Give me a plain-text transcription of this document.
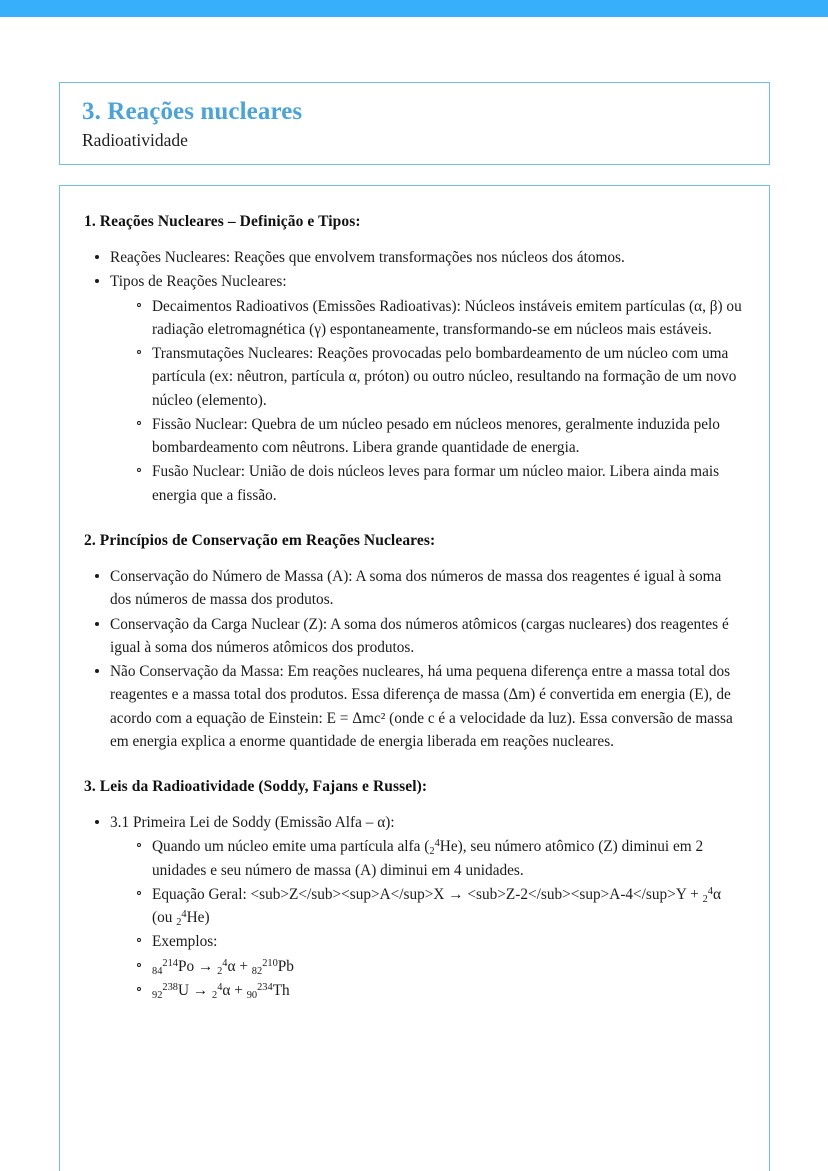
3. Reações nucleares
Radioatividade
1. Reações Nucleares – Definição e Tipos:
Reações Nucleares: Reações que envolvem transformações nos núcleos dos átomos.
Tipos de Reações Nucleares:
Decaimentos Radioativos (Emissões Radioativas): Núcleos instáveis emitem partículas (α, β) ou radiação eletromagnética (γ) espontaneamente, transformando-se em núcleos mais estáveis.
Transmutações Nucleares: Reações provocadas pelo bombardeamento de um núcleo com uma partícula (ex: nêutron, partícula α, próton) ou outro núcleo, resultando na formação de um novo núcleo (elemento).
Fissão Nuclear: Quebra de um núcleo pesado em núcleos menores, geralmente induzida pelo bombardeamento com nêutrons. Libera grande quantidade de energia.
Fusão Nuclear: União de dois núcleos leves para formar um núcleo maior. Libera ainda mais energia que a fissão.
2. Princípios de Conservação em Reações Nucleares:
Conservação do Número de Massa (A): A soma dos números de massa dos reagentes é igual à soma dos números de massa dos produtos.
Conservação da Carga Nuclear (Z): A soma dos números atômicos (cargas nucleares) dos reagentes é igual à soma dos números atômicos dos produtos.
Não Conservação da Massa: Em reações nucleares, há uma pequena diferença entre a massa total dos reagentes e a massa total dos produtos. Essa diferença de massa (Δm) é convertida em energia (E), de acordo com a equação de Einstein: E = Δmc² (onde c é a velocidade da luz). Essa conversão de massa em energia explica a enorme quantidade de energia liberada em reações nucleares.
3. Leis da Radioatividade (Soddy, Fajans e Russel):
3.1 Primeira Lei de Soddy (Emissão Alfa – α):
Quando um núcleo emite uma partícula alfa $(_2^4He)$, seu número atômico (Z) diminui em 2 unidades e seu número de massa (A) diminui em 4 unidades.
Equação Geral: <sub>Z</sub><sup>A</sup>X → <sub>Z-2</sub><sup>A-4</sup>Y + $_2^4$α (ou $_2^4$He)
Exemplos:
$_{84}^{214}$Po → $_2^4$α + $_{82}^{210}$Pb
$_{92}^{238}$U → $_2^4$α + $_{90}^{234}$Th
